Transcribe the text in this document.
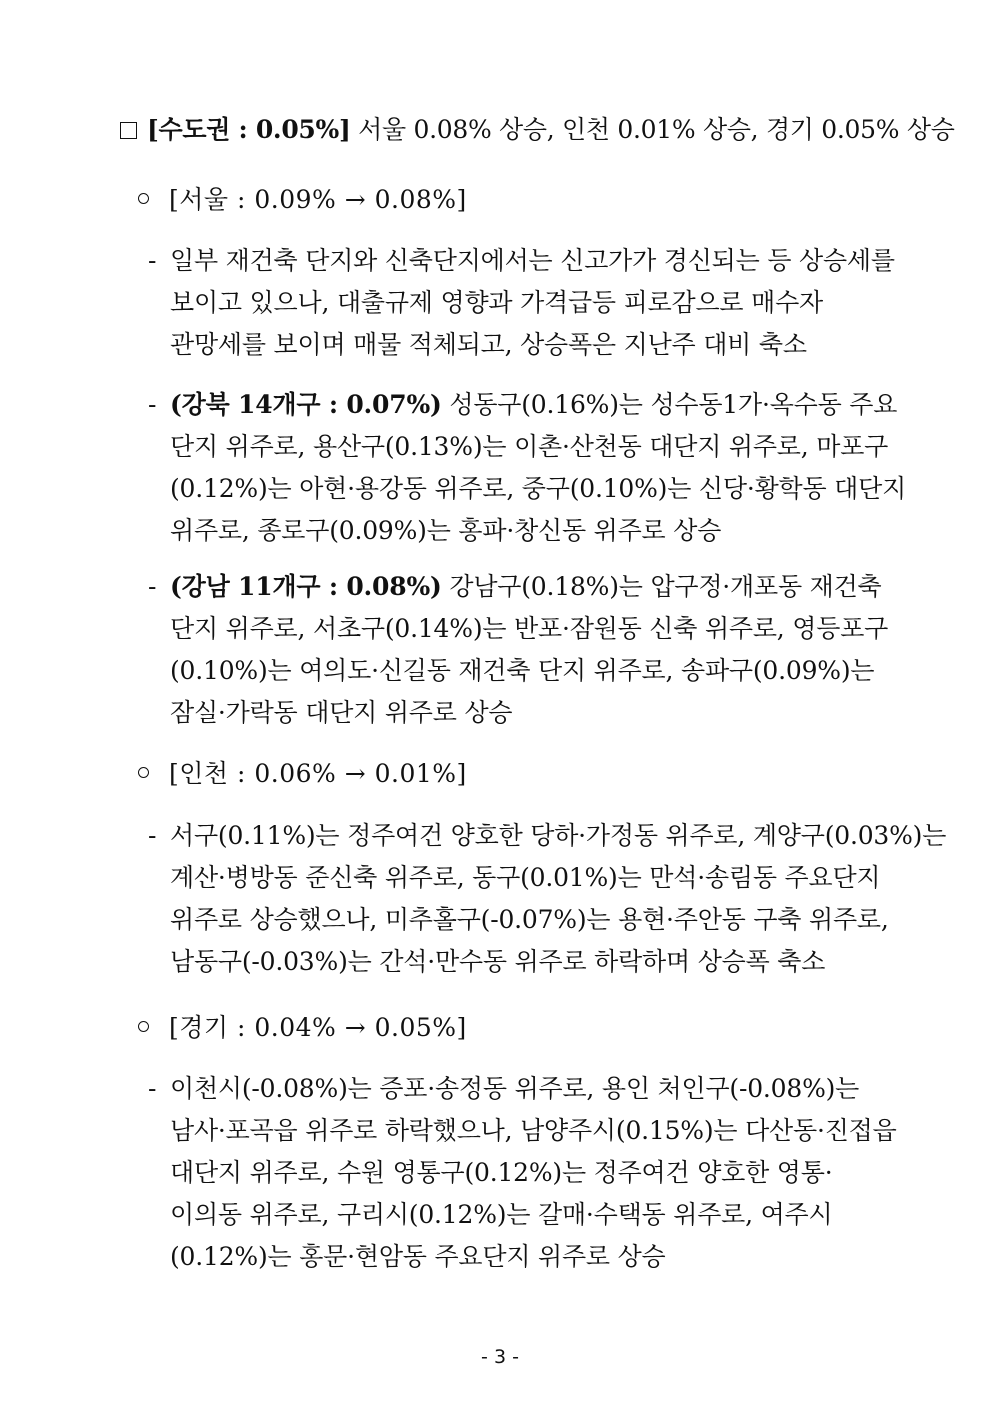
[수도권 : 0.05%] 서울 0.08% 상승, 인천 0.01% 상승, 경기 0.05% 상승
[서울 : 0.09% → 0.08%]
- 일부 재건축 단지와 신축단지에서는 신고가가 경신되는 등 상승세를
보이고 있으나, 대출규제 영향과 가격급등 피로감으로 매수자
관망세를 보이며 매물 적체되고, 상승폭은 지난주 대비 축소
- (강북 14개구 : 0.07%) 성동구(0.16%)는 성수동1가·옥수동 주요
단지 위주로, 용산구(0.13%)는 이촌·산천동 대단지 위주로, 마포구
(0.12%)는 아현·용강동 위주로, 중구(0.10%)는 신당·황학동 대단지
위주로, 종로구(0.09%)는 홍파·창신동 위주로 상승
- (강남 11개구 : 0.08%) 강남구(0.18%)는 압구정·개포동 재건축
단지 위주로, 서초구(0.14%)는 반포·잠원동 신축 위주로, 영등포구
(0.10%)는 여의도·신길동 재건축 단지 위주로, 송파구(0.09%)는
잠실·가락동 대단지 위주로 상승
[인천 : 0.06% → 0.01%]
- 서구(0.11%)는 정주여건 양호한 당하·가정동 위주로, 계양구(0.03%)는
계산·병방동 준신축 위주로, 동구(0.01%)는 만석·송림동 주요단지
위주로 상승했으나, 미추홀구(-0.07%)는 용현·주안동 구축 위주로,
남동구(-0.03%)는 간석·만수동 위주로 하락하며 상승폭 축소
[경기 : 0.04% → 0.05%]
- 이천시(-0.08%)는 증포·송정동 위주로, 용인 처인구(-0.08%)는
남사·포곡읍 위주로 하락했으나, 남양주시(0.15%)는 다산동·진접읍
대단지 위주로, 수원 영통구(0.12%)는 정주여건 양호한 영통·
이의동 위주로, 구리시(0.12%)는 갈매·수택동 위주로, 여주시
(0.12%)는 홍문·현암동 주요단지 위주로 상승
- 3 -
